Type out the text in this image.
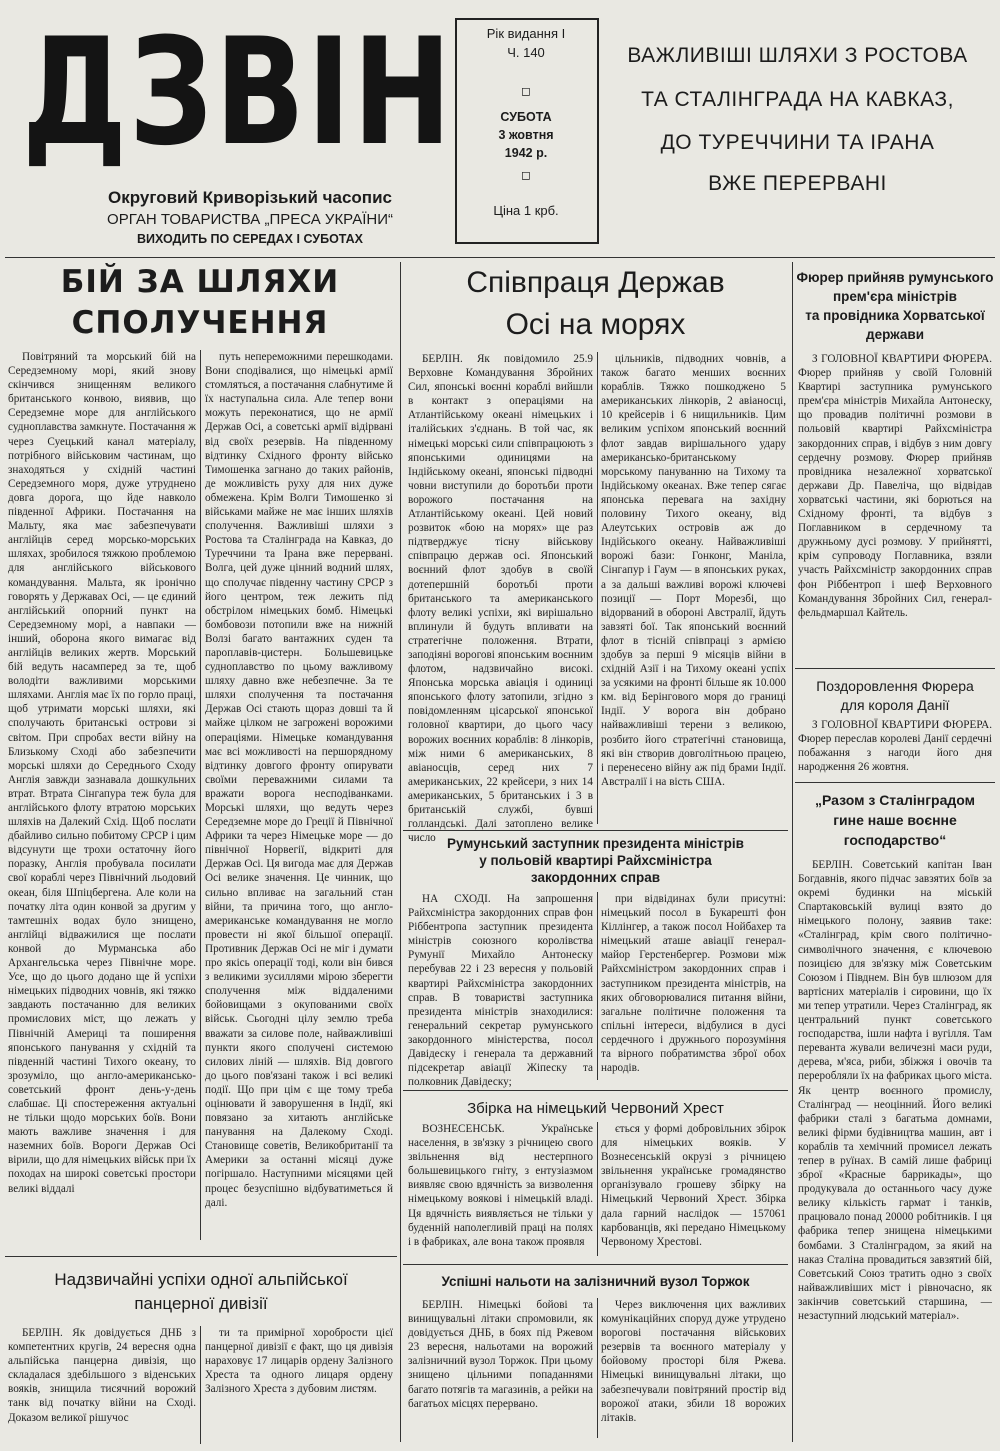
ДЗВІН
Округовий Криворізький часопис
ОРГАН ТОВАРИСТВА „ПРЕСА УКРАЇНИ“
ВИХОДИТЬ ПО СЕРЕДАХ І СУБОТАХ
Рік видання І
Ч. 140
◻
СУБОТА
3 жовтня
1942 р.
◻
Ціна 1 крб.
ВАЖЛИВІШІ ШЛЯХИ З РОСТОВА
ТА СТАЛІНГРАДА НА КАВКАЗ,
ДО ТУРЕЧЧИНИ ТА ІРАНА
ВЖЕ ПЕРЕРВАНІ
БІЙ ЗА ШЛЯХИ
СПОЛУЧЕННЯ

Повітряний та морський бій на Середземному морі, який знову скінчився знищенням великого британського конвою, виявив, що Середземне море для англійського судноплавства замкнуте. Постачання ж через Суецький канал матеріалу, потрібного військовим частинам, що знаходяться у східній частині Середземного моря, дуже утруднено довга дорога, що йде навколо південної Африки. Постачання на Мальту, яка має забезпечувати англійців серед морсько-морських шляхах, зробилося тяжкою проблемою для англійського військового командування. Мальта, як іронічно говорять у Державах Осі, — це єдиний англійський опорний пункт на Середземному морі, а навпаки — інший, оборона якого вимагає від англійців великих жертв. Морський бій ведуть насамперед за те, щоб володіти важливими морськими шляхами. Англія має їх по горло праці, щоб утримати морські шляхи, які сполучають британські острови зі світом. При спробах вести війну на Близькому Сході або забезпечити морські шляхи до Середнього Сходу Англія завжди зазнавала дошкульних втрат. Втрата Сінгапура теж була для англійського флоту втратою морських шляхів на Далекий Схід. Щоб послати дбайливо сильно побитому СРСР і цим відсунути ще трохи остаточну його поразку, Англія пробувала посилати свої кораблі через Північний льодовий океан, біля Шпіцбергена. Але коли на початку літа один конвой за другим у тамтешніх водах було знищено, англійці відважилися ще послати конвой до Мурманська або Архангельська через Північне море. Усе, що до цього додано ще й успіхи німецьких підводних човнів, які тяжко завдають постачанню для великих промислових міст, що лежать у Північній Америці та поширення японського панування у східній та південній частині Тихого океану, то зрозуміло, що англо-американсько-советський фронт день-у-день слабшає. Ці спостереження актуальні не тільки щодо морських боїв. Вони мають важливе значення і для наземних боїв. Вороги Держав Осі вірили, що для німецьких військ при їх походах на широкі советські простори великі віддалі

путь непереможними перешкодами. Вони сподівалися, що німецькі армії стомляться, а постачання слабнутиме й їх наступальна сила. Але тепер вони можуть переконатися, що не армії Держав Осі, а советські армії відірвані від своїх резервів. На південному відтинку Східного фронту військо Тимошенка загнано до таких районів, де можливість руху для них дуже обмежена. Крім Волги Тимошенко зі військами майже не має інших шляхів сполучення. Важливіші шляхи з Ростова та Сталінграда на Кавказ, до Туреччини та Ірана вже перервані. Волга, цей дуже цінний водний шлях, що сполучає південну частину СРСР з його центром, теж лежить під обстрілом німецьких бомб. Німецькі бомбовози потопили вже на нижній Волзі багато вантажних суден та пароплавів-цистерн. Большевицьке судноплавство по цьому важливому шляху давно вже небезпечне. За те шляхи сполучення та постачання Держав Осі стають щораз довші та й майже цілком не загрожені ворожими операціями. Німецьке командування має всі можливості на першорядному відтинку довгого фронту опирувати своїми переважними силами та вражати ворога несподіванками. Морські шляхи, що ведуть через Середземне море до Греції й Північної Африки та через Німецьке море — до північної Норвегії, відкриті для Держав Осі. Ця вигода має для Держав Осі велике значення. Це чинник, що сильно впливає на загальний стан війни, та причина того, що англо-американське командування не могло провести ні якої більшої операції. Противник Держав Осі не міг і думати про якісь операції тоді, коли він бився з великими зусиллями мірою зберегти сполучення між віддаленими бойовищами з окупованими своїх військ. Сьогодні цілу землю треба вважати за силове поле, найважливіші пункти якого сполучені системою силових ліній — шляхів. Від довгого до цього пов'язані також і всі великі події. Що при цім є ще тому треба оцінювати й заворушення в Індії, які повязано за хитають англійське панування на Далекому Сході. Становище советів, Великобританії та Америки за останні місяці дуже погіршало. Наступними місяцями цей процес безуспішно відбуватиметься й далі.

Надзвичайні успіхи одної альпійської
панцерної дивізії

БЕРЛІН. Як довідується ДНБ з компетентних кругів, 24 вересня одна альпійська панцерна дивізія, що складалася здебільшого з віденських вояків, знищила тисячний ворожий танк від початку війни на Сході. Доказом великої рішучос

ти та примірної хоробрости цієї панцерної дивізії є факт, що ця дивізія нараховує 17 лицарів ордену Залізного Хреста та одного лицаря ордену Залізного Хреста з дубовим листям.

Співпраця Держав
Осі на морях

БЕРЛІН. Як повідомило 25.9 Верховне Командування Збройних Сил, японські воєнні кораблі вийшли в контакт з операціями на Атлантійському океані німецьких і італійських з'єднань. В той час, як німецькі морські сили співпрацюють з японськими одиницями на Індійському океані, японські підводні човни виступили до боротьби проти ворожого постачання на Атлантійському океані. Цей новий розвиток «бою на морях» ще раз підтверджує тісну військову співпрацю держав осі. Японський воєнний флот здобув в своїй дотепершній боротьбі проти британського та американського флоту великі успіхи, які вирішально вплинули й будуть впливати на стратегічне положення. Втрати, заподіяні ворогові японським воєнним флотом, надзвичайно високі. Японська морська авіація і одиниці японського флоту затопили, згідно з повідомленням цісарської японської головної квартири, до цього часу ворожих воєнних кораблів: 8 лінкорів, між ними 6 американських, 8 авіаносців, серед них 7 американських, 22 крейсери, з них 14 американських, 5 британських і 3 в британській службі, бувші голландські. Далі затоплено велике число

цільників, підводних човнів, а також багато менших воєнних кораблів. Тяжко пошкоджено 5 американських лінкорів, 2 авіаносці, 10 крейсерів і 6 нищильників. Цим великим успіхом японський воєнний флот завдав вирішального удару американсько-британському морському пануванню на Тихому та Індійському океанах. Вже тепер сягає японська перевага на західну половину Тихого океану, від Алеутських островів аж до Індійського океану. Найважливіші ворожі бази: Гонконг, Маніла, Сінгапур і Гаум — в японських руках, а за дальші важливі ворожі ключеві позиції — Порт Морезбі, що відорваний в обороні Австралії, йдуть завзяті бої. Так японський воєнний флот в тісній співпраці з армією здобув за перші 9 місяців війни в східній Азії і на Тихому океані успіх за усякими на фронті більше як 10.000 км. від Берінгового моря до границі Індії. У ворога він добрано найважливіші терени з великою, розбито його стратегічні становища, які він створив довголітньою працею, і перенесено війну аж під брами Індії. Австралії і на вість США.

Румунський заступник президента міністрів
у польовій квартирі Райхсміністра
закордонних справ

НА СХОДІ. На запрошення Райхсміністра закордонних справ фон Ріббентропа заступник президента міністрів союзного королівства Румунії Михайло Антонеску перебував 22 і 23 вересня у польовій квартирі Райхсміністра закордонних справ. В товаристві заступника президента міністрів знаходилися: генеральний секретар румунського закордонного міністерства, посол Давідеску і генерала та державний підсекретар авіації Жіпеску та полковник Давідеску;

при відвідинах були присутні: німецький посол в Букарешті фон Кіллінгер, а також посол Нойбахер та німецький аташе авіації генерал-майор Герстенбергер. Розмови між Райхсміністром закордонних справ і заступником президента міністрів, на яких обговорювалися питання війни, загальне політичне положення та спільні інтереси, відбулися в дусі сердечного і дружнього порозуміння та вірного побратимства зброї обох народів.

Збірка на німецький Червоний Хрест

ВОЗНЕСЕНСЬК. Українське населення, в зв'язку з річницею свого звільнення від нестерпного большевицького гніту, з ентузіазмом виявляє свою вдячність за визволення німецькому воякові і німецькій владі. Ця вдячність виявляється не тільки у буденній наполегливій праці на полях і в фабриках, але вона також проявля

ється у формі добровільних збірок для німецьких вояків. У Вознесенській окрузі з річницею звільнення українське громадянство організувало грошеву збірку на Німецький Червоний Хрест. Збірка дала гарний наслідок — 157061 карбованців, які передано Німецькому Червоному Хрестові.

Успішні нальоти на залізничний вузол Торжок

БЕРЛІН. Німецькі бойові та винищувальні літаки спромовили, як довідується ДНБ, в боях під Ржевом 23 вересня, нальотами на ворожий залізничний вузол Торжок. При цьому знищено цільними попаданнями багато потягів та магазинів, а рейки на багатьох місцях перервано.

Через виключення цих важливих комунікаційних споруд дуже утрудено ворогові постачання військових резервів та воєнного матеріалу у бойовому просторі біля Ржева. Німецькі винищувальні літаки, що забезпечували повітряний простір від ворожої атаки, збили 18 ворожих літаків.

Фюрер прийняв румунського
прем'єра міністрів
та провідника Хорватської
держави

З ГОЛОВНОЇ КВАРТИРИ ФЮРЕРА. Фюрер прийняв у своїй Головній Квартирі заступника румунського прем'єра міністрів Михайла Антонеску, що провадив політичні розмови в польовій квартирі Райхсміністра закордонних справ, і відбув з ним довгу сердечну розмову. Фюрер прийняв провідника незалежної хорватської держави Др. Павеліча, що відвідав хорватські частини, які борються на Східному фронті, та відбув з Поглавником в сердечному та дружньому дусі розмову. У прийнятті, крім супроводу Поглавника, взяли участь Райхсміністр закордонних справ фон Ріббентроп і шеф Верховного Командування Збройних Сил, генерал-фельдмаршал Кайтель.

Поздоровлення Фюрера
для короля Данії

З ГОЛОВНОЇ КВАРТИРИ ФЮРЕРА. Фюрер переслав королеві Данії сердечні побажання з нагоди його дня народження 26 жовтня.

„Разом з Сталінградом
гине наше воєнне
господарство“

БЕРЛІН. Советський капітан Іван Богдавнів, якого підчас завзятих боїв за окремі будинки на міській Спартаковській вулиці взято до німецького полону, заявив таке: «Сталінград, крім свого політично-символічного значення, є ключевою позицією для зв'язку між Советським Союзом і Півднем. Він був шлюзом для вартісних матеріалів і сировини, що їх ми тепер утратили. Через Сталінград, як центральний пункт советського господарства, ішли нафта і вугілля. Там переванта жували величезні маси руди, дерева, м'яса, риби, збіжжя і овочів та переробляли їх на фабриках цього міста. Як центр воєнного промислу, Сталінград — неоцінний. Його великі фабрики сталі з багатьма домнами, великі фірми будівництва машин, авт і кораблів та хемічний промисел лежать тепер в руїнах. В самій лише фабриці зброї «Красные баррикады», що продукувала до останнього часу дуже велику кількість гармат і танків, працювало понад 20000 робітників. І ця фабрика тепер знищена німецькими бомбами. З Сталінградом, за який на наказ Сталіна провадиться завзятий бій, Советський Союз тратить одно з своїх найважливіших міст і рівночасно, як закінчив советський старшина, — незаступний людський матеріал».
